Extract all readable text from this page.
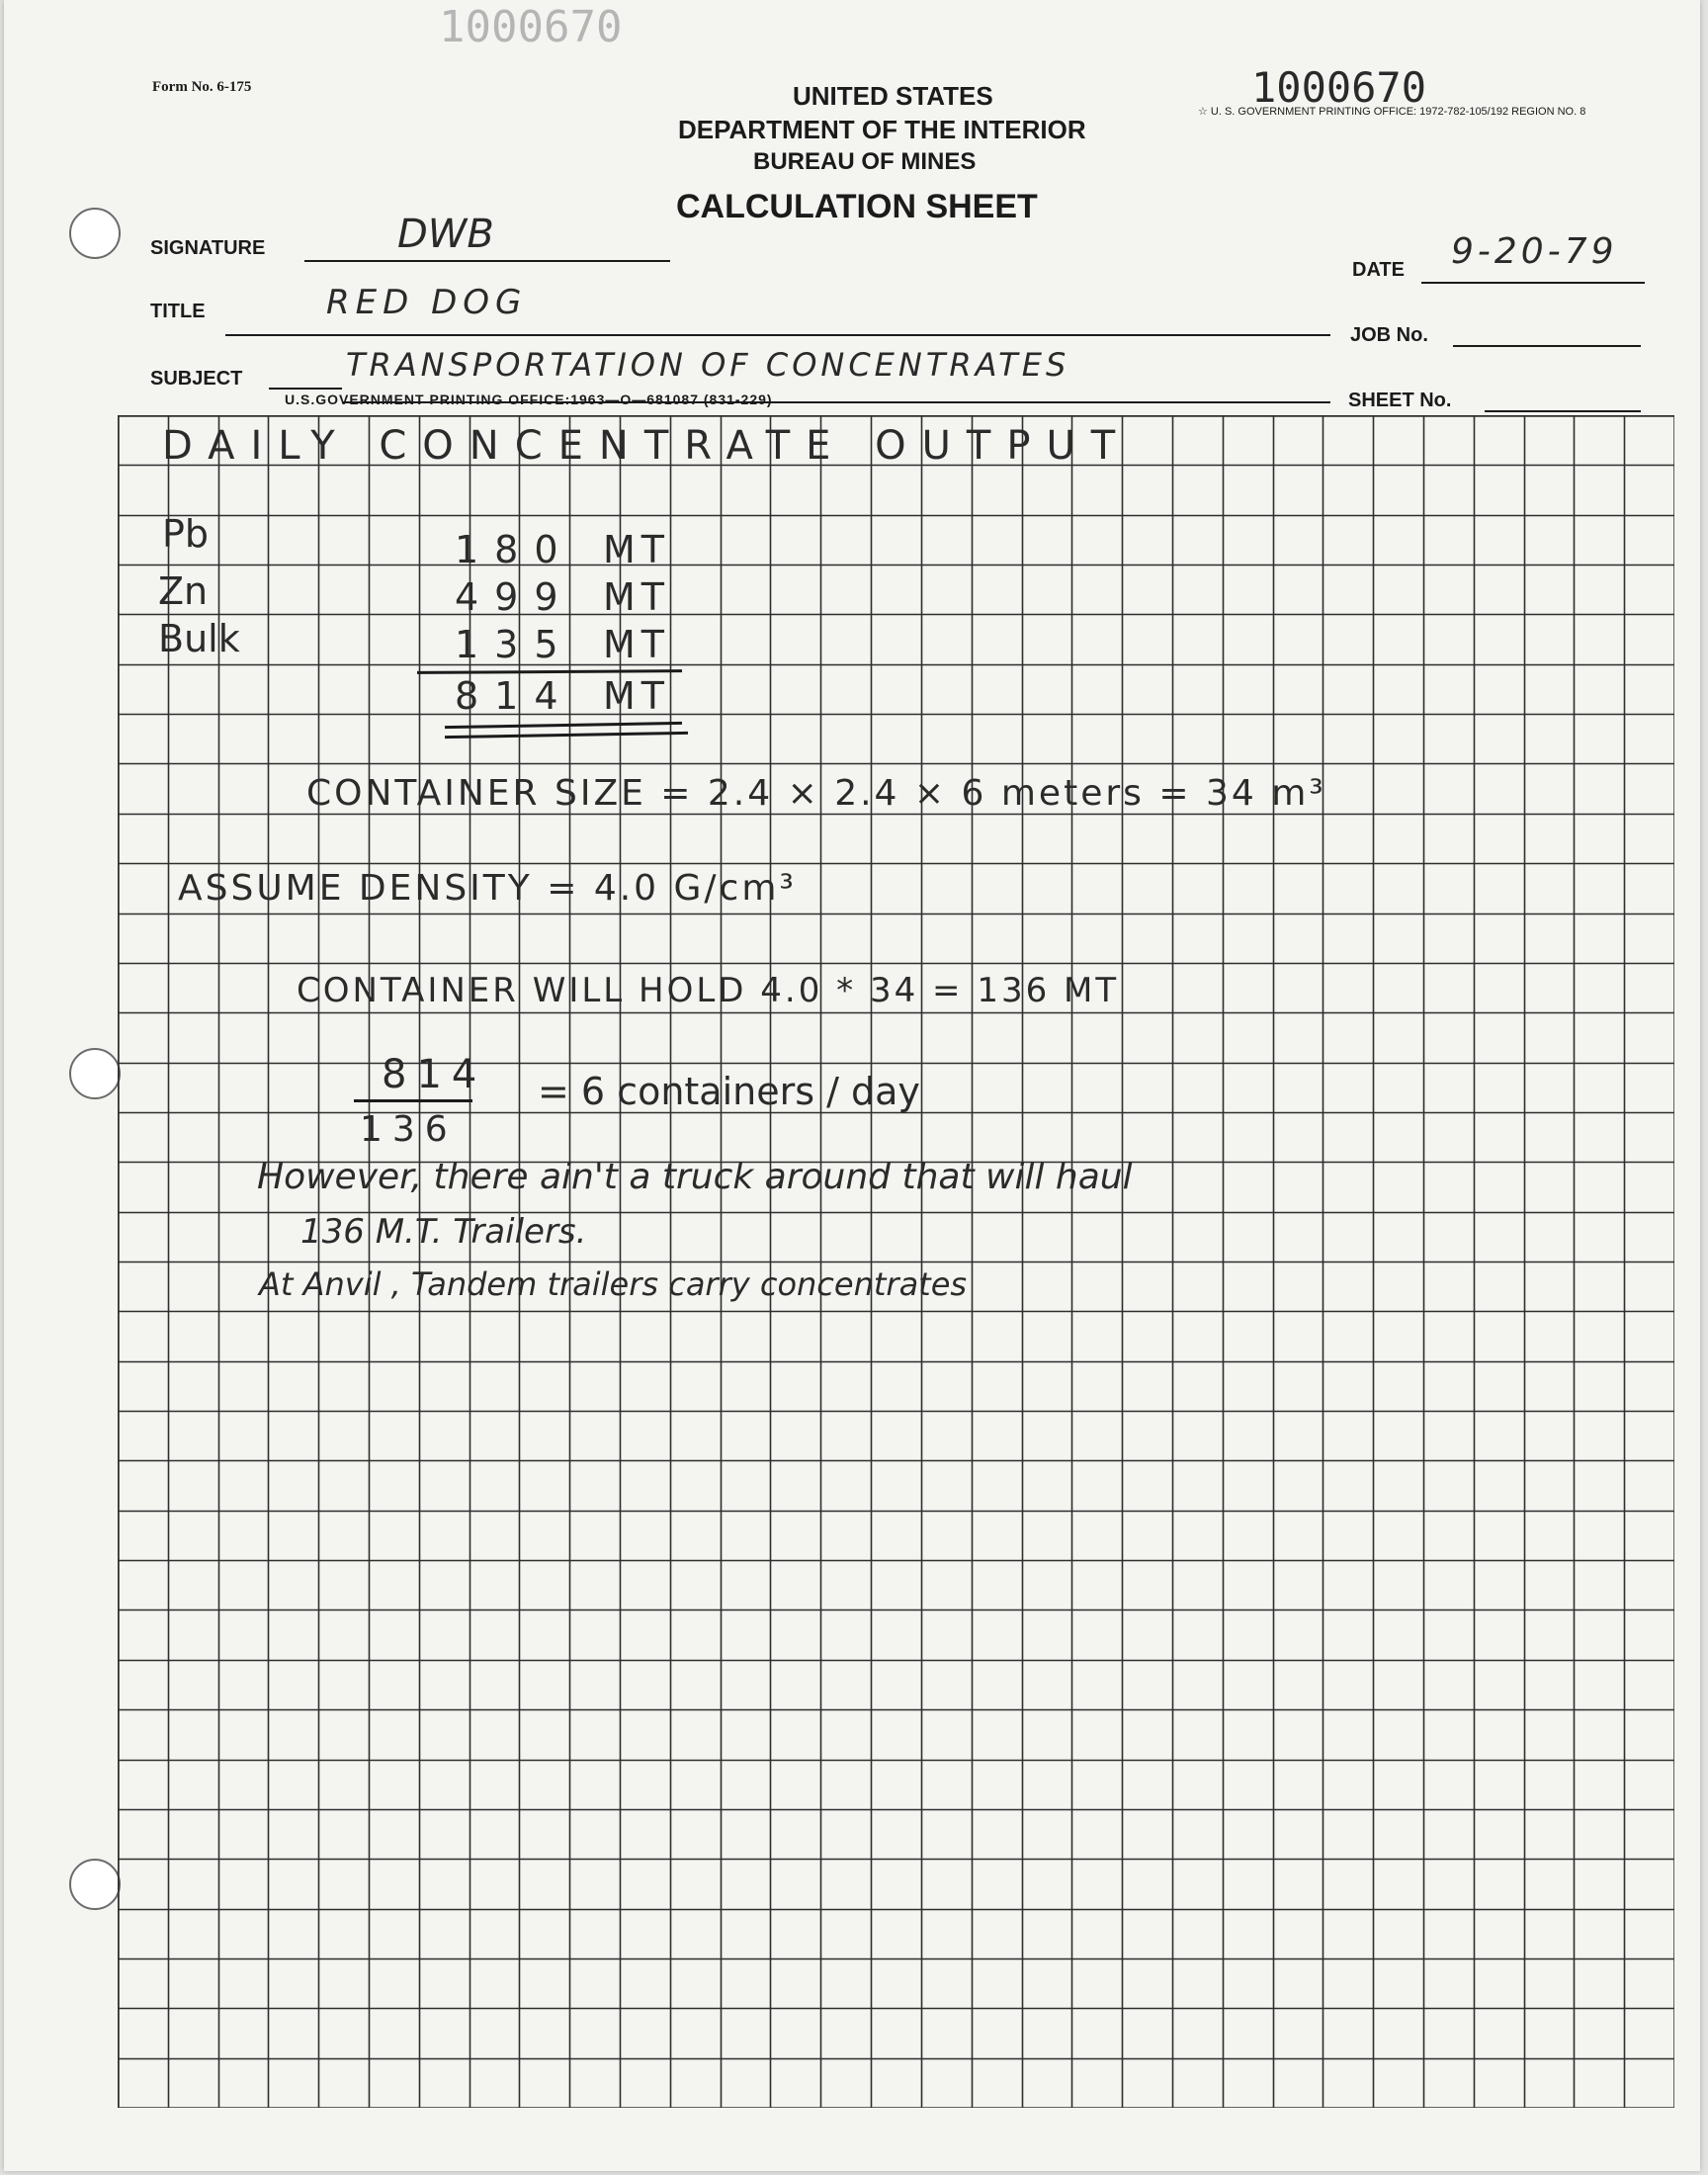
1000670
Form No. 6-175	UNITED STATES
DEPARTMENT OF THE INTERIOR
BUREAU OF MINES
CALCULATION SHEET
1000670
☆ U. S. GOVERNMENT PRINTING OFFICE: 1972-782-105/192 REGION NO. 8
SIGNATURE	DWB
DATE 9-20-79
TITLE	RED DOG
JOB No.
SUBJECT	TRANSPORTATION OF CONCENTRATES
U.S.GOVERNMENT PRINTING OFFICE:1963—O—681087 (831-229)	SHEET No.
DAILY CONCENTRATE OUTPUT
Pb	180 MT
Zn	499 MT
Bulk	135 MT
814 MT
CONTAINER SIZE = 2.4 × 2.4 × 6 meters = 34 m³
ASSUME DENSITY = 4.0 G/cm³
CONTAINER WILL HOLD 4.0 * 34 = 136 MT
814
136
= 6 containers / day
However, there ain't a truck around that will haul
136 M.T. Trailers.
At Anvil , Tandem trailers carry concentrates
